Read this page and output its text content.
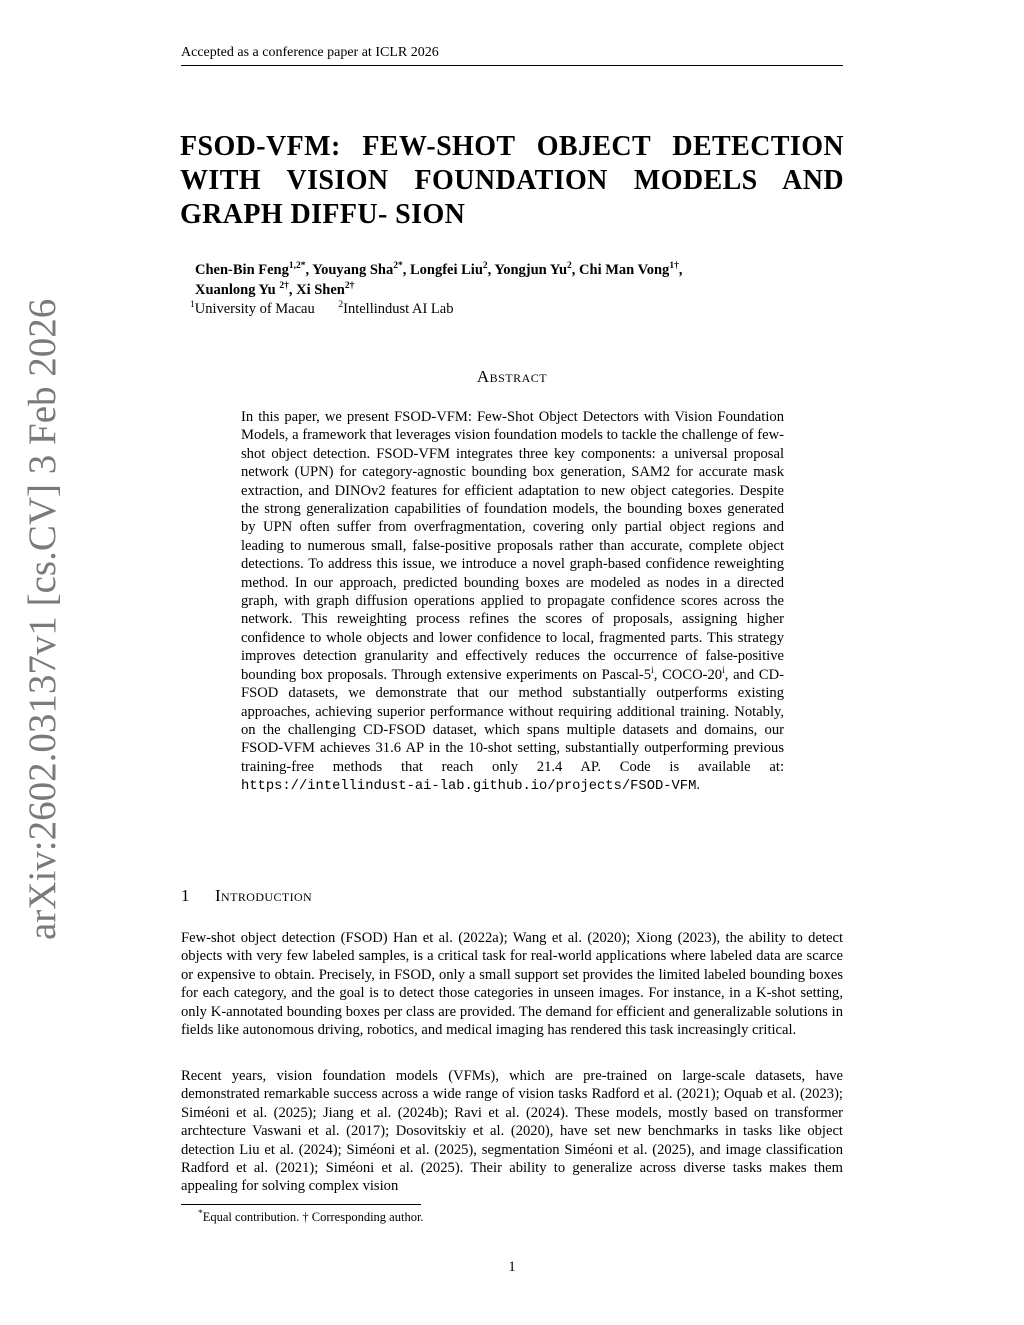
Accepted as a conference paper at ICLR 2026
arXiv:2602.03137v1 [cs.CV] 3 Feb 2026
FSOD-VFM: FEW-SHOT OBJECT DETECTION WITH VISION FOUNDATION MODELS AND GRAPH DIFFU- SION
Chen-Bin Feng$^{1,2*}$, Youyang Sha$^{2*}$, Longfei Liu$^2$, Yongjun Yu$^2$, Chi Man Vong$^{1\dagger}$,
Xuanlong Yu $^{2\dagger}$, Xi Shen$^{2\dagger}$
$^1$University of Macau $^2$Intellindust AI Lab
Abstract

In this paper, we present FSOD-VFM: Few-Shot Object Detectors with Vision Foundation Models, a framework that leverages vision foundation models to tackle the challenge of few-shot object detection. FSOD-VFM integrates three key components: a universal proposal network (UPN) for category-agnostic bounding box generation, SAM2 for accurate mask extraction, and DINOv2 features for efficient adaptation to new object categories. Despite the strong generalization capabilities of foundation models, the bounding boxes generated by UPN often suffer from overfragmentation, covering only partial object regions and leading to numerous small, false-positive proposals rather than accurate, complete object detections. To address this issue, we introduce a novel graph-based confidence reweighting method. In our approach, predicted bounding boxes are modeled as nodes in a directed graph, with graph diffusion operations applied to propagate confidence scores across the network. This reweighting process refines the scores of proposals, assigning higher confidence to whole objects and lower confidence to local, fragmented parts. This strategy improves detection granularity and effectively reduces the occurrence of false-positive bounding box proposals. Through extensive experiments on Pascal-5$^i$, COCO-20$^i$, and CD-FSOD datasets, we demonstrate that our method substantially outperforms existing approaches, achieving superior performance without requiring additional training. Notably, on the challenging CD-FSOD dataset, which spans multiple datasets and domains, our FSOD-VFM achieves 31.6 AP in the 10-shot setting, substantially outperforming previous training-free methods that reach only 21.4 AP. Code is available at: https://intellindust-ai-lab.github.io/projects/FSOD-VFM.

1 Introduction

Few-shot object detection (FSOD) Han et al. (2022a); Wang et al. (2020); Xiong (2023), the ability to detect objects with very few labeled samples, is a critical task for real-world applications where labeled data are scarce or expensive to obtain. Precisely, in FSOD, only a small support set provides the limited labeled bounding boxes for each category, and the goal is to detect those categories in unseen images. For instance, in a K-shot setting, only K-annotated bounding boxes per class are provided. The demand for efficient and generalizable solutions in fields like autonomous driving, robotics, and medical imaging has rendered this task increasingly critical.

Recent years, vision foundation models (VFMs), which are pre-trained on large-scale datasets, have demonstrated remarkable success across a wide range of vision tasks Radford et al. (2021); Oquab et al. (2023); Siméoni et al. (2025); Jiang et al. (2024b); Ravi et al. (2024). These models, mostly based on transformer archtecture Vaswani et al. (2017); Dosovitskiy et al. (2020), have set new benchmarks in tasks like object detection Liu et al. (2024); Siméoni et al. (2025), segmentation Siméoni et al. (2025), and image classification Radford et al. (2021); Siméoni et al. (2025). Their ability to generalize across diverse tasks makes them appealing for solving complex vision

*Equal contribution. † Corresponding author.
1
